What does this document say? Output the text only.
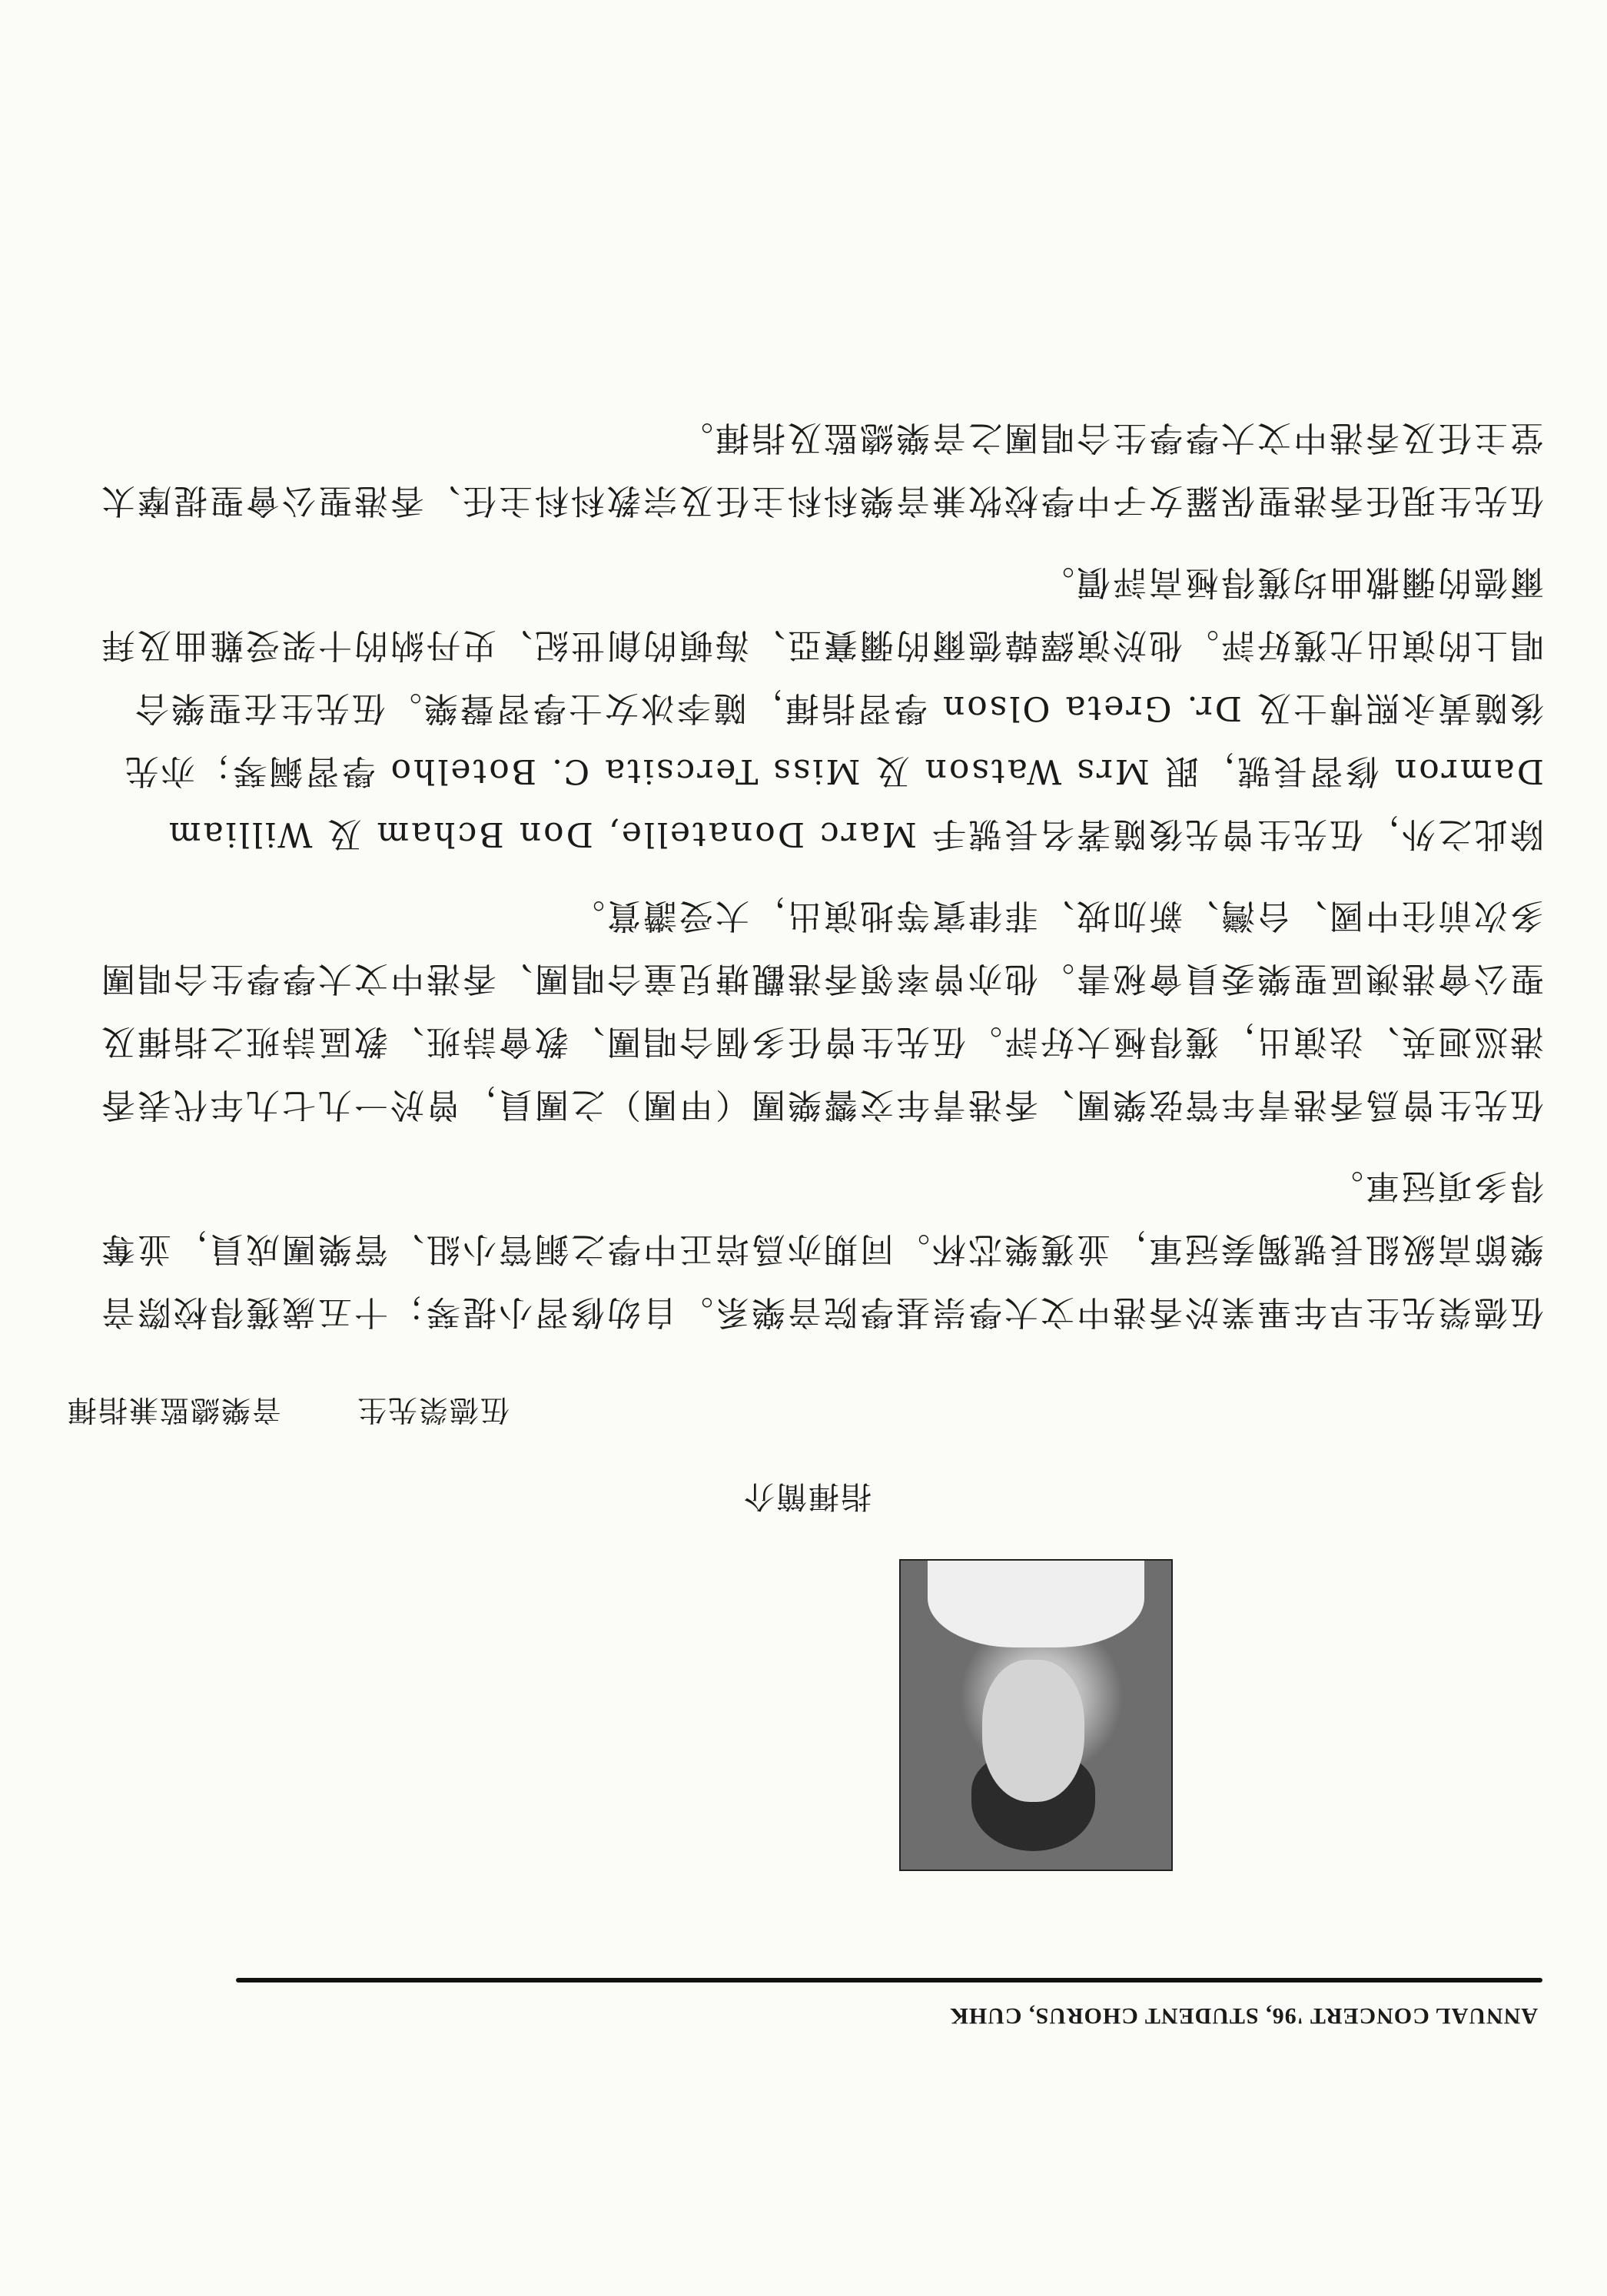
ANNUAL CONCERT '96, STUDENT CHORUS, CUHK
指揮簡介
伍德榮先生
音樂總監兼指揮

伍德榮先生早年畢業於香港中文大學崇基學院音樂系。自幼修習小提琴；十五歲獲得校際音樂節高級組長號獨奏冠軍，並獲樂芯杯。同期亦爲培正中學之銅管小組、管樂團成員，並奪得多項冠軍。

伍先生曾爲香港青年管弦樂團、香港青年交響樂團（甲團）之團員，曾於一九七九年代表香港巡迴英、法演出，獲得極大好評。伍先生曾任多個合唱團、教會詩班、教區詩班之指揮及聖公會港澳區聖樂委員會秘書。他亦曾率領香港觀塘兒童合唱團、香港中文大學學生合唱團多次前往中國、台灣、新加坡、菲律賓等地演出，大受讚賞。

除此之外，伍先生曾先後隨著名長號手 Marc Donatelle, Don Bcham 及 William Damron 修習長號，跟 Mrs Watson 及 Miss Tercsita C. Botelho 學習鋼琴；亦先後隨黃永熙博士及 Dr. Greta Olson 學習指揮，隨李冰女士學習聲樂。伍先生在聖樂合唱上的演出尤獲好評。他於演繹韓德爾的彌賽亞、海頓的創世紀、史丹納的十架受難曲及拜爾德的彌撒曲均獲得極高評價。

伍先生現任香港聖保羅女子中學校牧兼音樂科科主任及宗教科科主任、香港聖公會聖提摩太堂主任及香港中文大學學生合唱團之音樂總監及指揮。
